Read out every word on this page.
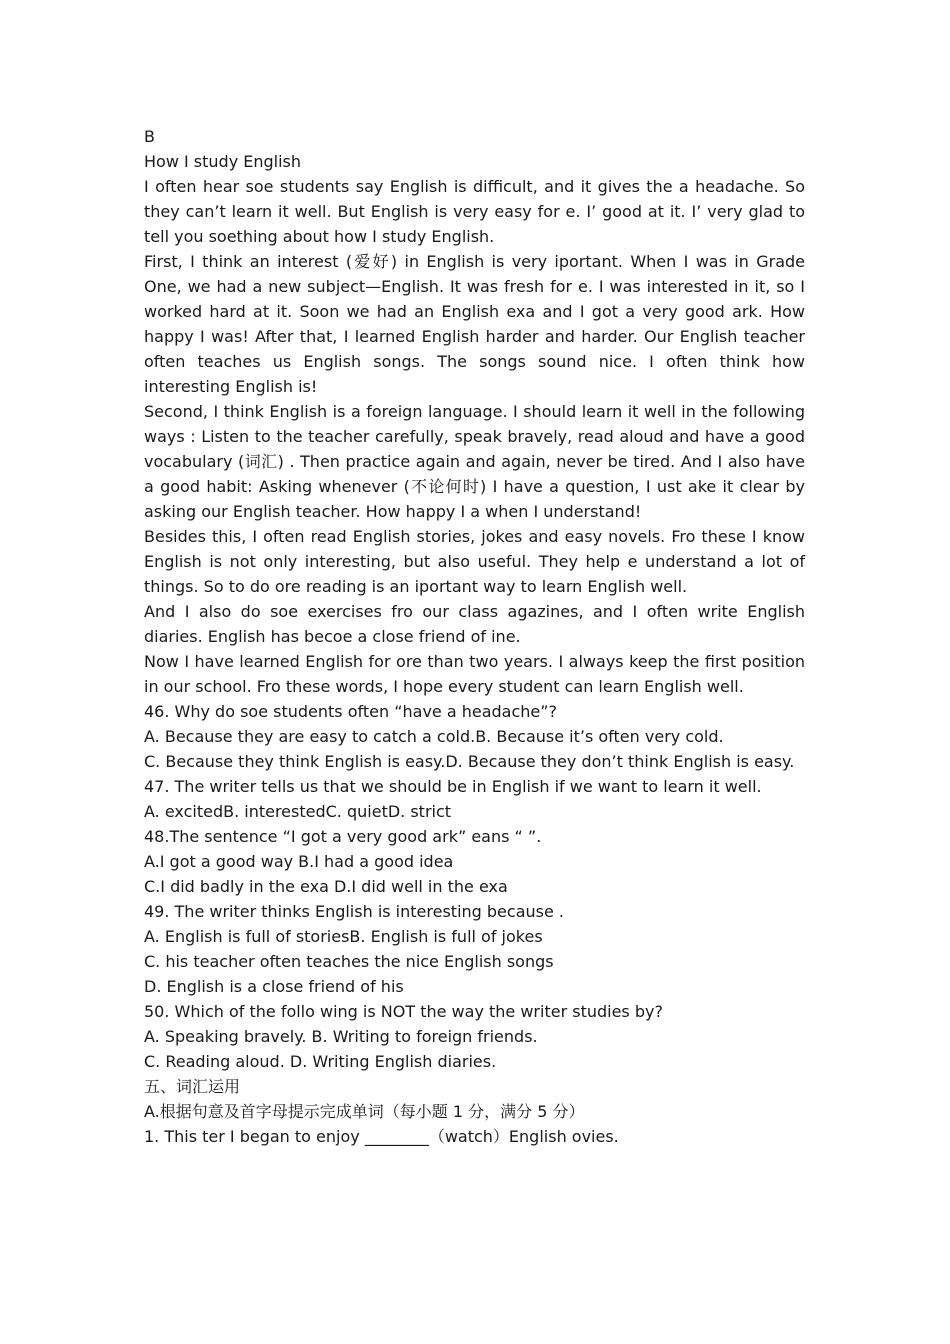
B

How I study English

I often hear soe students say English is difficult, and it gives the a headache. So they can’t learn it well. But English is very easy for e. I’ good at it. I’ very glad to tell you soething about how I study English.

First, I think an interest (爱好) in English is very iportant. When I was in Grade One, we had a new subject—English. It was fresh for e. I was interested in it, so I worked hard at it. Soon we had an English exa and I got a very good ark. How happy I was! After that, I learned English harder and harder. Our English teacher often teaches us English songs. The songs sound nice. I often think how interesting English is!

Second, I think English is a foreign language. I should learn it well in the following ways : Listen to the teacher carefully, speak bravely, read aloud and have a good vocabulary (词汇) . Then practice again and again, never be tired. And I also have a good habit: Asking whenever (不论何时) I have a question, I ust ake it clear by asking our English teacher. How happy I a when I understand!

Besides this, I often read English stories, jokes and easy novels. Fro these I know English is not only interesting, but also useful. They help e understand a lot of things. So to do ore reading is an iportant way to learn English well.

And I also do soe exercises fro our class agazines, and I often write English diaries. English has becoe a close friend of ine.

Now I have learned English for ore than two years. I always keep the first position in our school. Fro these words, I hope every student can learn English well.

46. Why do soe students often “have a headache”?

A. Because they are easy to catch a cold.B. Because it’s often very cold.

C. Because they think English is easy.D. Because they don’t think English is easy.

47. The writer tells us that we should be in English if we want to learn it well.

A. excitedB. interestedC. quietD. strict

48.The sentence “I got a very good ark” eans “ ”.

A.I got a good way B.I had a good idea

C.I did badly in the exa D.I did well in the exa

49. The writer thinks English is interesting because .

A. English is full of storiesB. English is full of jokes

C. his teacher often teaches the nice English songs

D. English is a close friend of his

50. Which of the follo wing is NOT the way the writer studies by?

A. Speaking bravely. B. Writing to foreign friends.

C. Reading aloud. D. Writing English diaries.

五、词汇运用

A.根据句意及首字母提示完成单词（每小题 1 分，满分 5 分）

1. This ter I began to enjoy ________（watch）English ovies.
